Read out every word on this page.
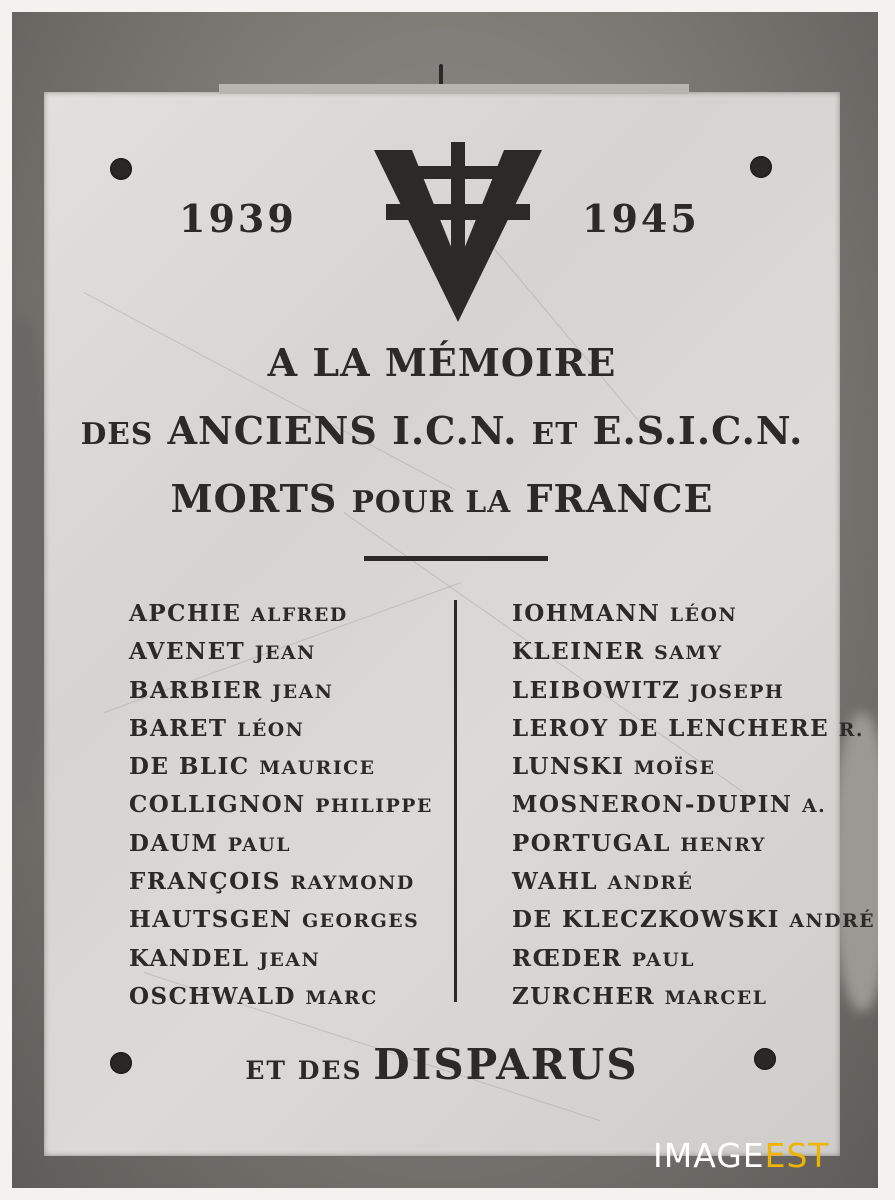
1939	1945
A LA MÉMOIRE
DES ANCIENS I.C.N. ET E.S.I.C.N.
MORTS POUR LA FRANCE
APCHIE ALFRED
AVENET JEAN
BARBIER JEAN
BARET LÉON
DE BLIC MAURICE
COLLIGNON PHILIPPE
DAUM PAUL
FRANÇOIS RAYMOND
HAUTSGEN GEORGES
KANDEL JEAN
OSCHWALD MARC
IOHMANN LÉON
KLEINER SAMY
LEIBOWITZ JOSEPH
LEROY DE LENCHERE R.
LUNSKI MOÏSE
MOSNERON-DUPIN A.
PORTUGAL HENRY
WAHL ANDRÉ
DE KLECZKOWSKI ANDRÉ
RŒDER PAUL
ZURCHER MARCEL
ET DES DISPARUS
IMAGEEST
